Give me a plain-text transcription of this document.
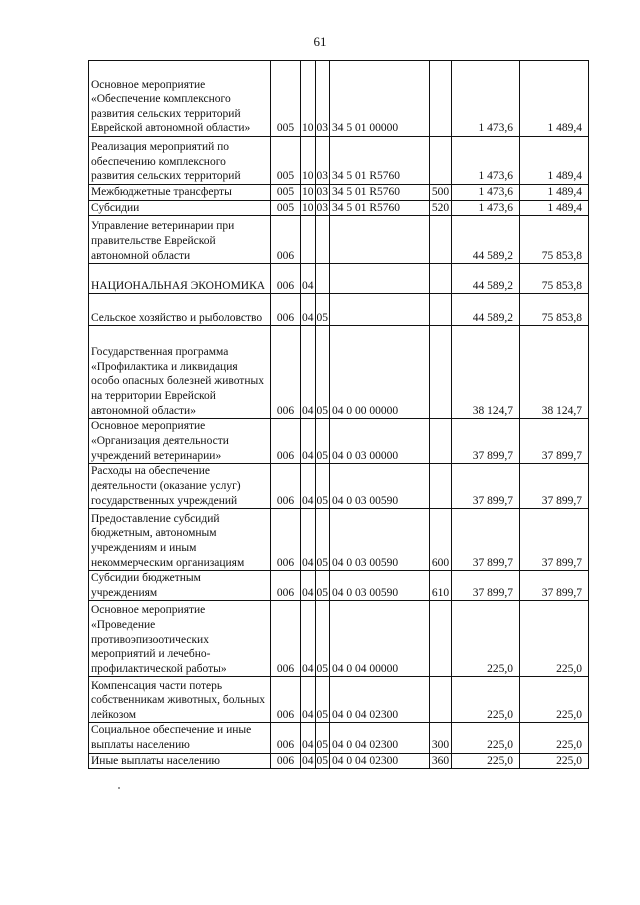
61
Основное мероприятие «Обеспечение комплексного развития сельских территорий Еврейской автономной области»	005	10	03	34 5 01 00000		1 473,6	1 489,4
Реализация мероприятий по обеспечению комплексного развития сельских территорий	005	10	03	34 5 01 R5760		1 473,6	1 489,4
Межбюджетные трансферты	005	10	03	34 5 01 R5760	500	1 473,6	1 489,4
Субсидии	005	10	03	34 5 01 R5760	520	1 473,6	1 489,4
Управление ветеринарии при правительстве Еврейской автономной области	006					44 589,2	75 853,8
НАЦИОНАЛЬНАЯ ЭКОНОМИКА	006	04				44 589,2	75 853,8
Сельское хозяйство и рыболовство	006	04	05			44 589,2	75 853,8
Государственная программа «Профилактика и ликвидация особо опасных болезней животных на территории Еврейской автономной области»	006	04	05	04 0 00 00000		38 124,7	38 124,7
Основное мероприятие «Организация деятельности учреждений ветеринарии»	006	04	05	04 0 03 00000		37 899,7	37 899,7
Расходы на обеспечение деятельности (оказание услуг) государственных учреждений	006	04	05	04 0 03 00590		37 899,7	37 899,7
Предоставление субсидий бюджетным, автономным учреждениям и иным некоммерческим организациям	006	04	05	04 0 03 00590	600	37 899,7	37 899,7
Субсидии бюджетным учреждениям	006	04	05	04 0 03 00590	610	37 899,7	37 899,7
Основное мероприятие «Проведение противоэпизоотических мероприятий и лечебно-профилактической работы»	006	04	05	04 0 04 00000		225,0	225,0
Компенсация части потерь собственникам животных, больных лейкозом	006	04	05	04 0 04 02300		225,0	225,0
Социальное обеспечение и иные выплаты населению	006	04	05	04 0 04 02300	300	225,0	225,0
Иные выплаты населению	006	04	05	04 0 04 02300	360	225,0	225,0
